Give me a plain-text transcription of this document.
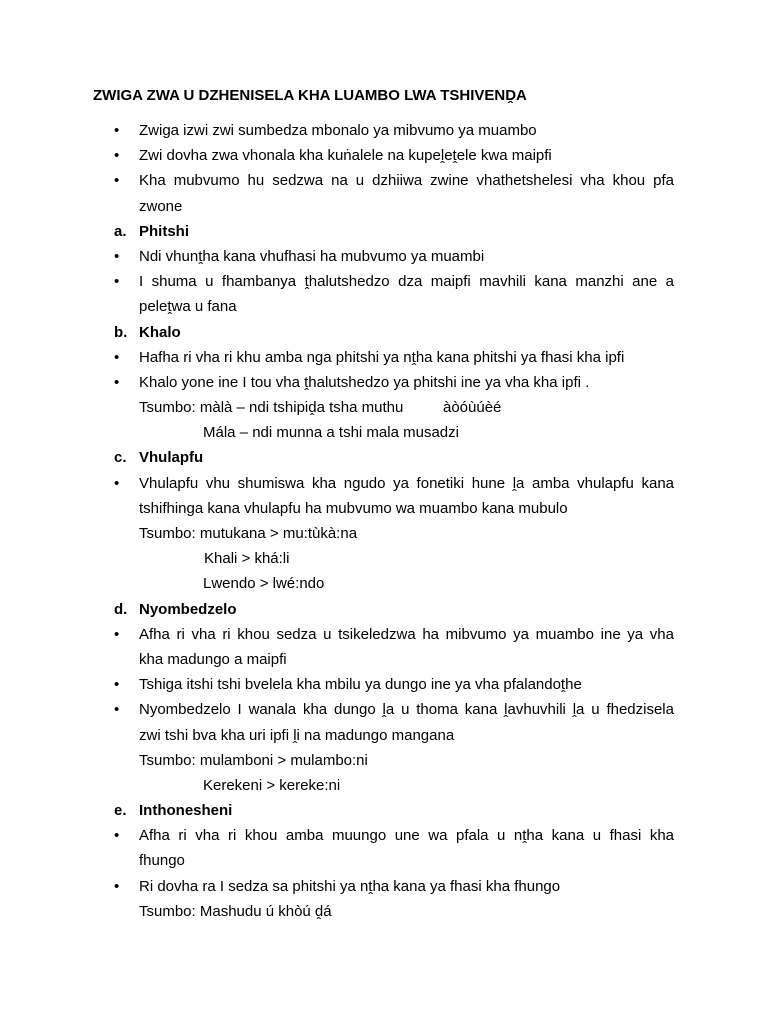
ZWIGA ZWA U DZHENISELA KHA LUAMBO LWA TSHIVENḒA
• Zwiga izwi zwi sumbedza mbonalo ya mibvumo ya muambo
• Zwi dovha zwa vhonala kha kuṅalele na kupeḽeṱele kwa maipfi
• Kha mubvumo hu sedzwa na u dzhiiwa zwine vhathetshelesi vha khou pfa
zwone
a. Phitshi
• Ndi vhunṱha kana vhufhasi ha mubvumo ya muambi
• I shuma u fhambanya ṱhalutshedzo dza maipfi mavhili kana manzhi ane a
peleṱwa u fana
b. Khalo
• Hafha ri vha ri khu amba nga phitshi ya nṱha kana phitshi ya fhasi kha ipfi
• Khalo yone ine I tou vha ṱhalutshedzo ya phitshi ine ya vha kha ipfi .
Tsumbo: màlà – ndi tshipiḓa tsha muthu	àòóùúèé
Mála – ndi munna a tshi mala musadzi
c. Vhulapfu
• Vhulapfu vhu shumiswa kha ngudo ya fonetiki hune ḽa amba vhulapfu kana
tshifhinga kana vhulapfu ha mubvumo wa muambo kana mubulo
Tsumbo: mutukana > mu:tùkà:na
Khali > khá:li
Lwendo > lwé:ndo
d. Nyombedzelo
• Afha ri vha ri khou sedza u tsikeledzwa ha mibvumo ya muambo ine ya vha
kha madungo a maipfi
• Tshiga itshi tshi bvelela kha mbilu ya dungo ine ya vha pfalandoṱhe
• Nyombedzelo I wanala kha dungo ḽa u thoma kana ḽavhuvhili ḽa u fhedzisela
zwi tshi bva kha uri ipfi ḽi na madungo mangana
Tsumbo: mulamboni > mulambo:ni
Kerekeni > kereke:ni
e. Inthonesheni
• Afha ri vha ri khou amba muungo une wa pfala u nṱha kana u fhasi kha
fhungo
• Ri dovha ra I sedza sa phitshi ya nṱha kana ya fhasi kha fhungo
Tsumbo: Mashudu ú khòú ḓá
